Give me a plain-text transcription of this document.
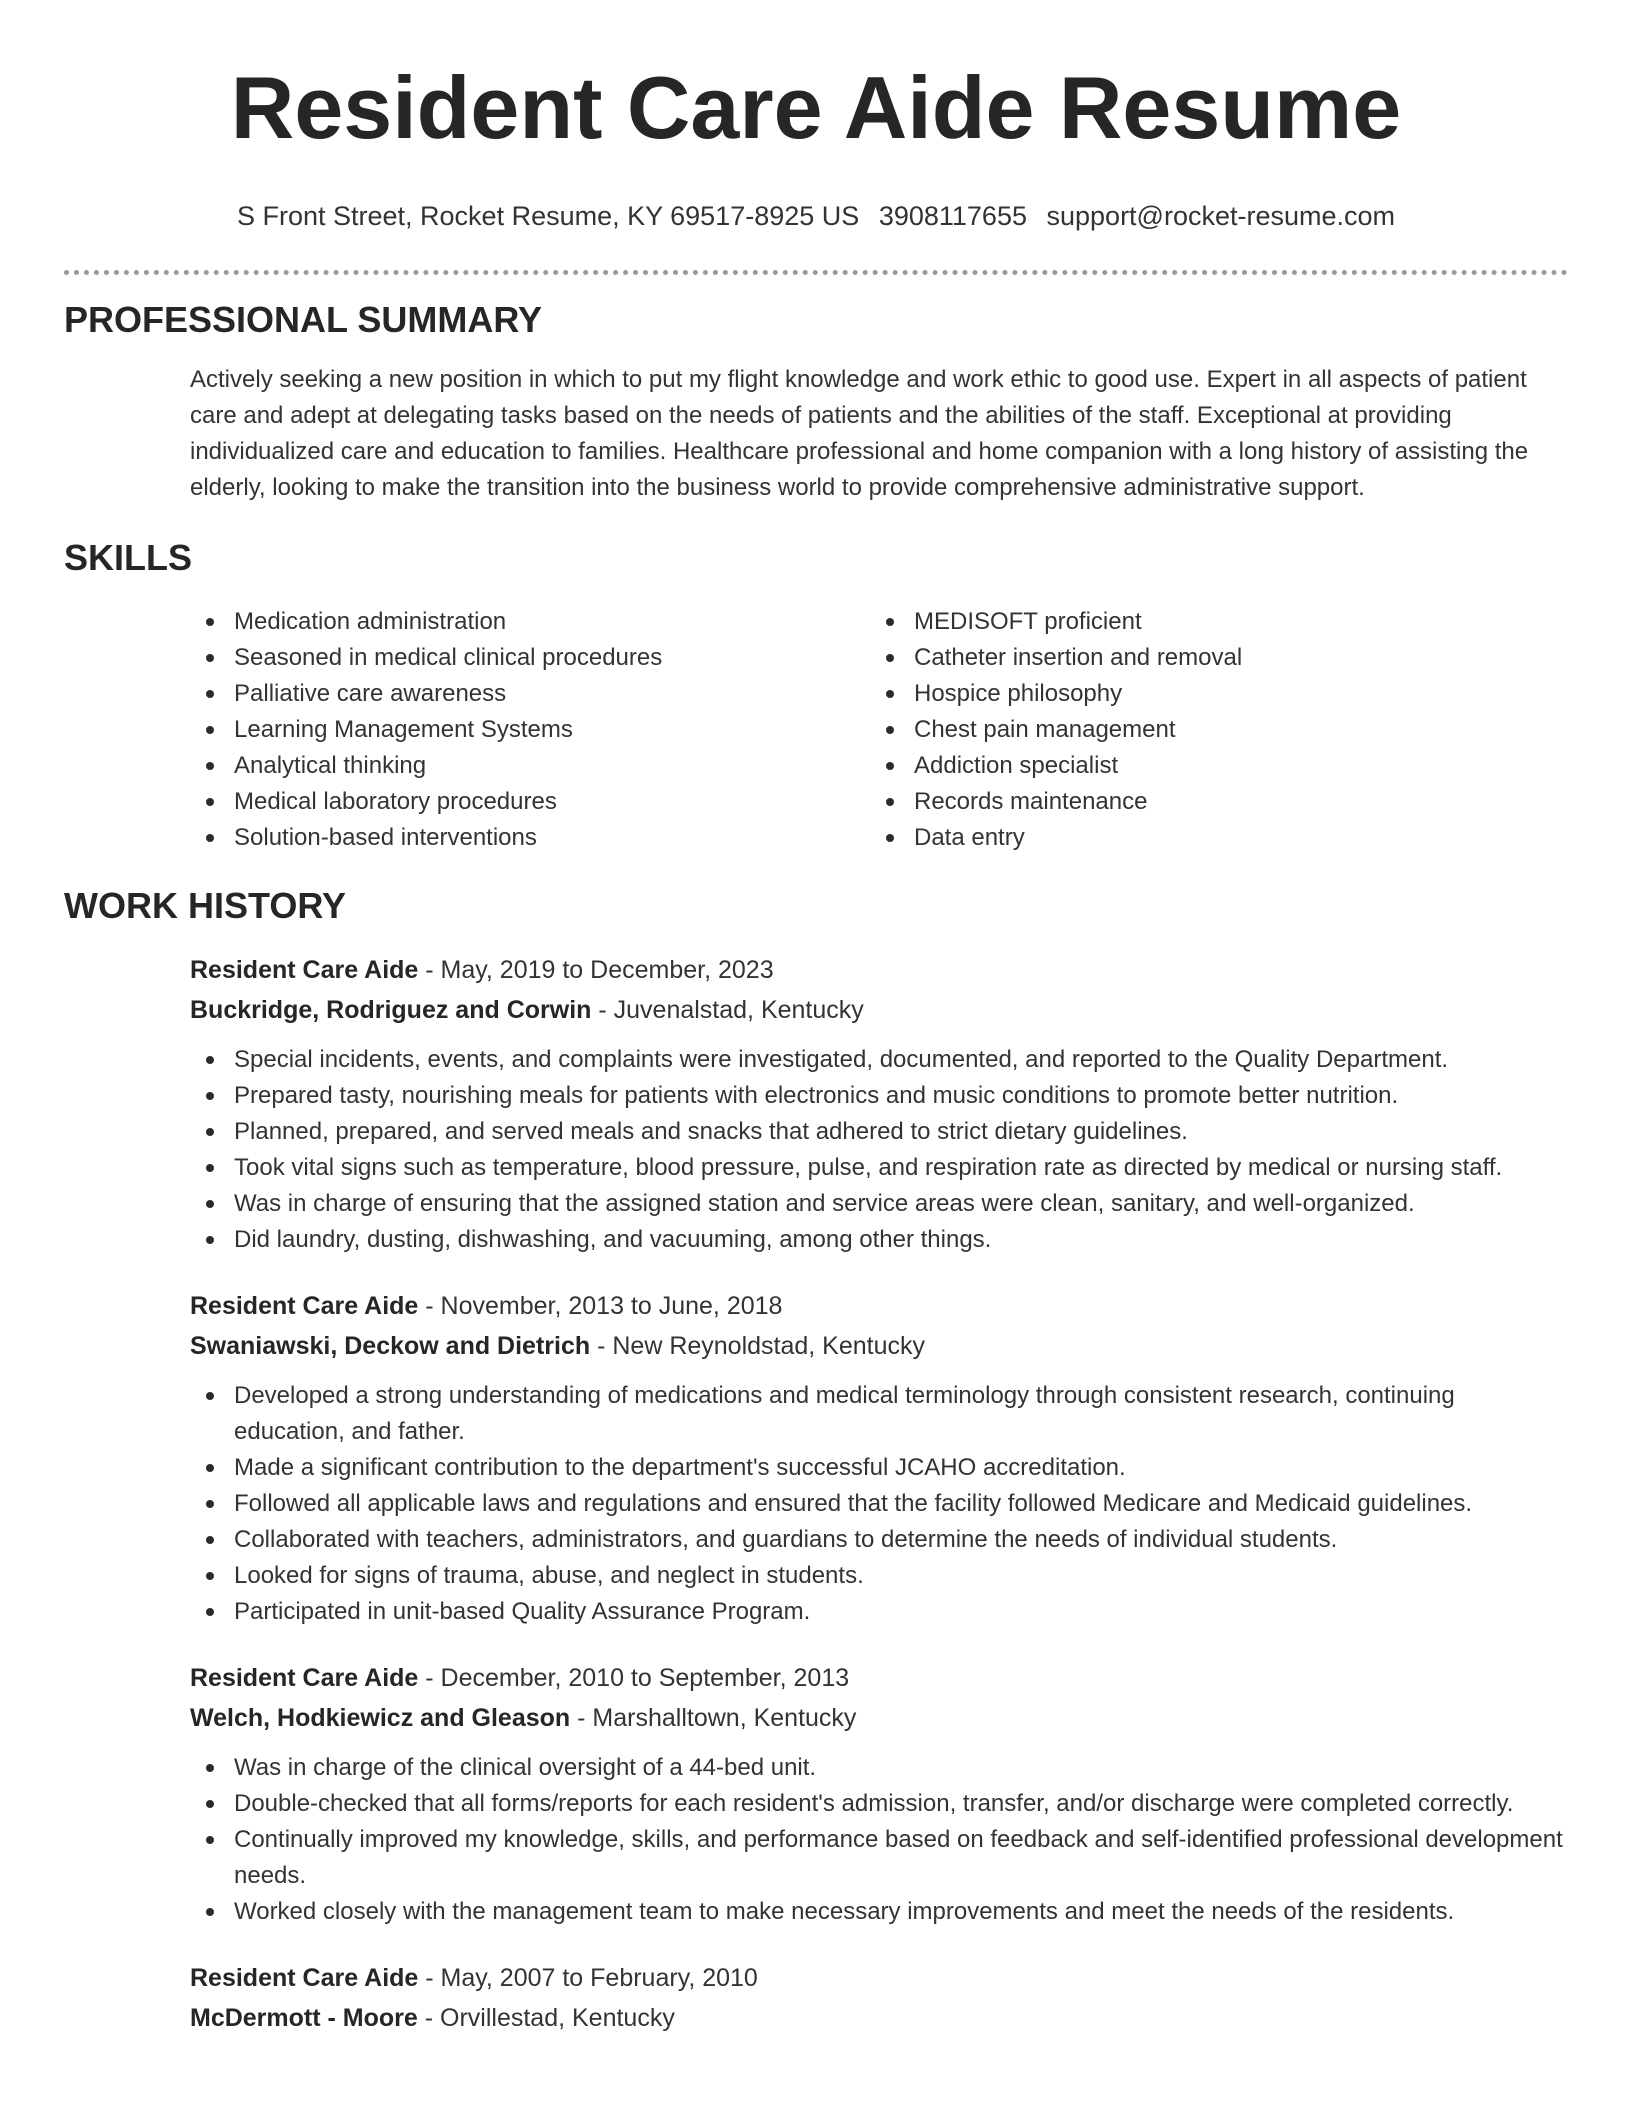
Resident Care Aide Resume
S Front Street, Rocket Resume, KY 69517-8925 US 3908117655 support@rocket-resume.com
PROFESSIONAL SUMMARY

Actively seeking a new position in which to put my flight knowledge and work ethic to good use. Expert in all aspects of patient care and adept at delegating tasks based on the needs of patients and the abilities of the staff. Exceptional at providing individualized care and education to families. Healthcare professional and home companion with a long history of assisting the elderly, looking to make the transition into the business world to provide comprehensive administrative support.

SKILLS
Medication administration
Seasoned in medical clinical procedures
Palliative care awareness
Learning Management Systems
Analytical thinking
Medical laboratory procedures
Solution-based interventions
MEDISOFT proficient
Catheter insertion and removal
Hospice philosophy
Chest pain management
Addiction specialist
Records maintenance
Data entry
WORK HISTORY
Resident Care Aide - May, 2019 to December, 2023
Buckridge, Rodriguez and Corwin - Juvenalstad, Kentucky
Special incidents, events, and complaints were investigated, documented, and reported to the Quality Department.
Prepared tasty, nourishing meals for patients with electronics and music conditions to promote better nutrition.
Planned, prepared, and served meals and snacks that adhered to strict dietary guidelines.
Took vital signs such as temperature, blood pressure, pulse, and respiration rate as directed by medical or nursing staff.
Was in charge of ensuring that the assigned station and service areas were clean, sanitary, and well-organized.
Did laundry, dusting, dishwashing, and vacuuming, among other things.
Resident Care Aide - November, 2013 to June, 2018
Swaniawski, Deckow and Dietrich - New Reynoldstad, Kentucky
Developed a strong understanding of medications and medical terminology through consistent research, continuing education, and father.
Made a significant contribution to the department's successful JCAHO accreditation.
Followed all applicable laws and regulations and ensured that the facility followed Medicare and Medicaid guidelines.
Collaborated with teachers, administrators, and guardians to determine the needs of individual students.
Looked for signs of trauma, abuse, and neglect in students.
Participated in unit-based Quality Assurance Program.
Resident Care Aide - December, 2010 to September, 2013
Welch, Hodkiewicz and Gleason - Marshalltown, Kentucky
Was in charge of the clinical oversight of a 44-bed unit.
Double-checked that all forms/reports for each resident's admission, transfer, and/or discharge were completed correctly.
Continually improved my knowledge, skills, and performance based on feedback and self-identified professional development needs.
Worked closely with the management team to make necessary improvements and meet the needs of the residents.
Resident Care Aide - May, 2007 to February, 2010
McDermott - Moore - Orvillestad, Kentucky
